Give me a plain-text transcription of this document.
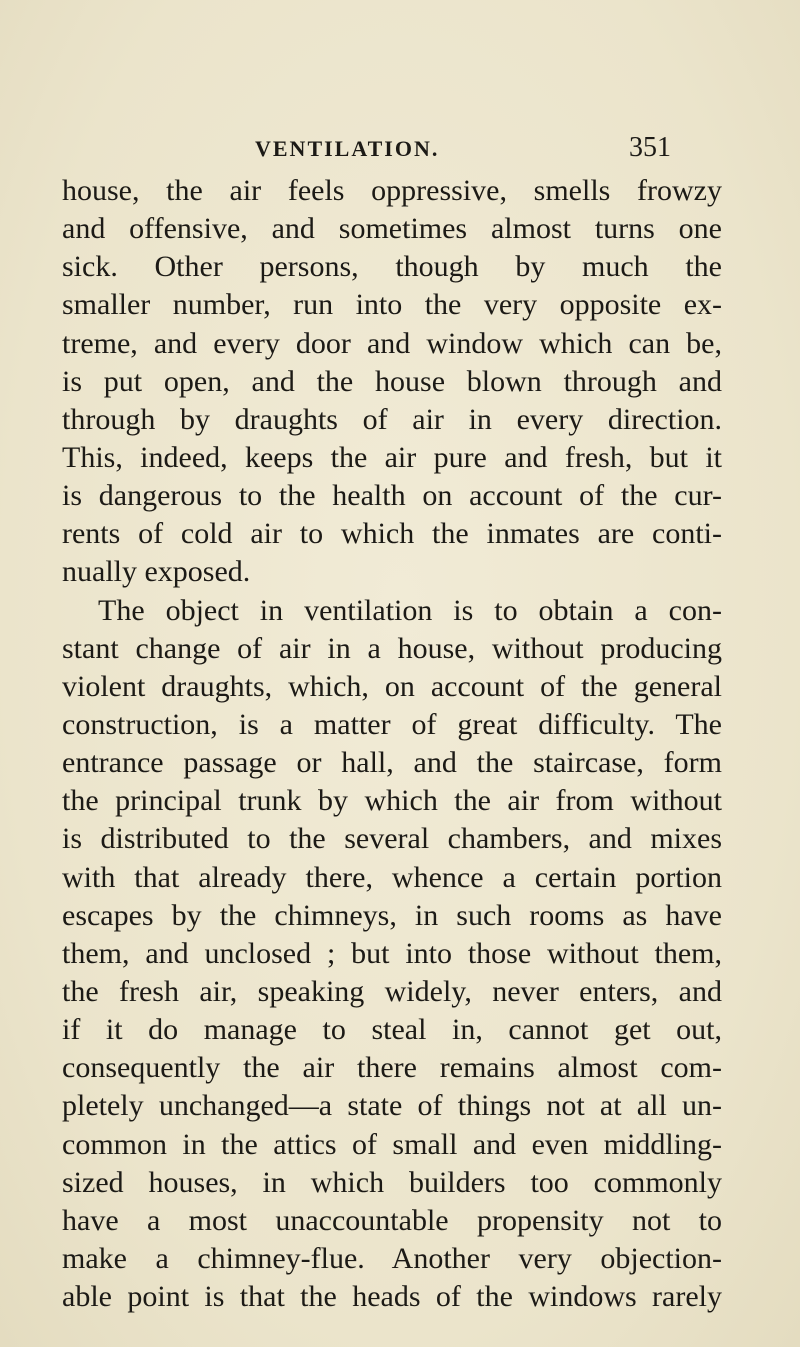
VENTILATION.	351
house, the air feels oppressive, smells frowzy
and offensive, and sometimes almost turns one
sick. Other persons, though by much the
smaller number, run into the very opposite ex-
treme, and every door and window which can be,
is put open, and the house blown through and
through by draughts of air in every direction.
This, indeed, keeps the air pure and fresh, but it
is dangerous to the health on account of the cur-
rents of cold air to which the inmates are conti-
nually exposed.
The object in ventilation is to obtain a con-
stant change of air in a house, without producing
violent draughts, which, on account of the general
construction, is a matter of great difficulty. The
entrance passage or hall, and the staircase, form
the principal trunk by which the air from without
is distributed to the several chambers, and mixes
with that already there, whence a certain portion
escapes by the chimneys, in such rooms as have
them, and unclosed ; but into those without them,
the fresh air, speaking widely, never enters, and
if it do manage to steal in, cannot get out,
consequently the air there remains almost com-
pletely unchanged—a state of things not at all un-
common in the attics of small and even middling-
sized houses, in which builders too commonly
have a most unaccountable propensity not to
make a chimney-flue. Another very objection-
able point is that the heads of the windows rarely
